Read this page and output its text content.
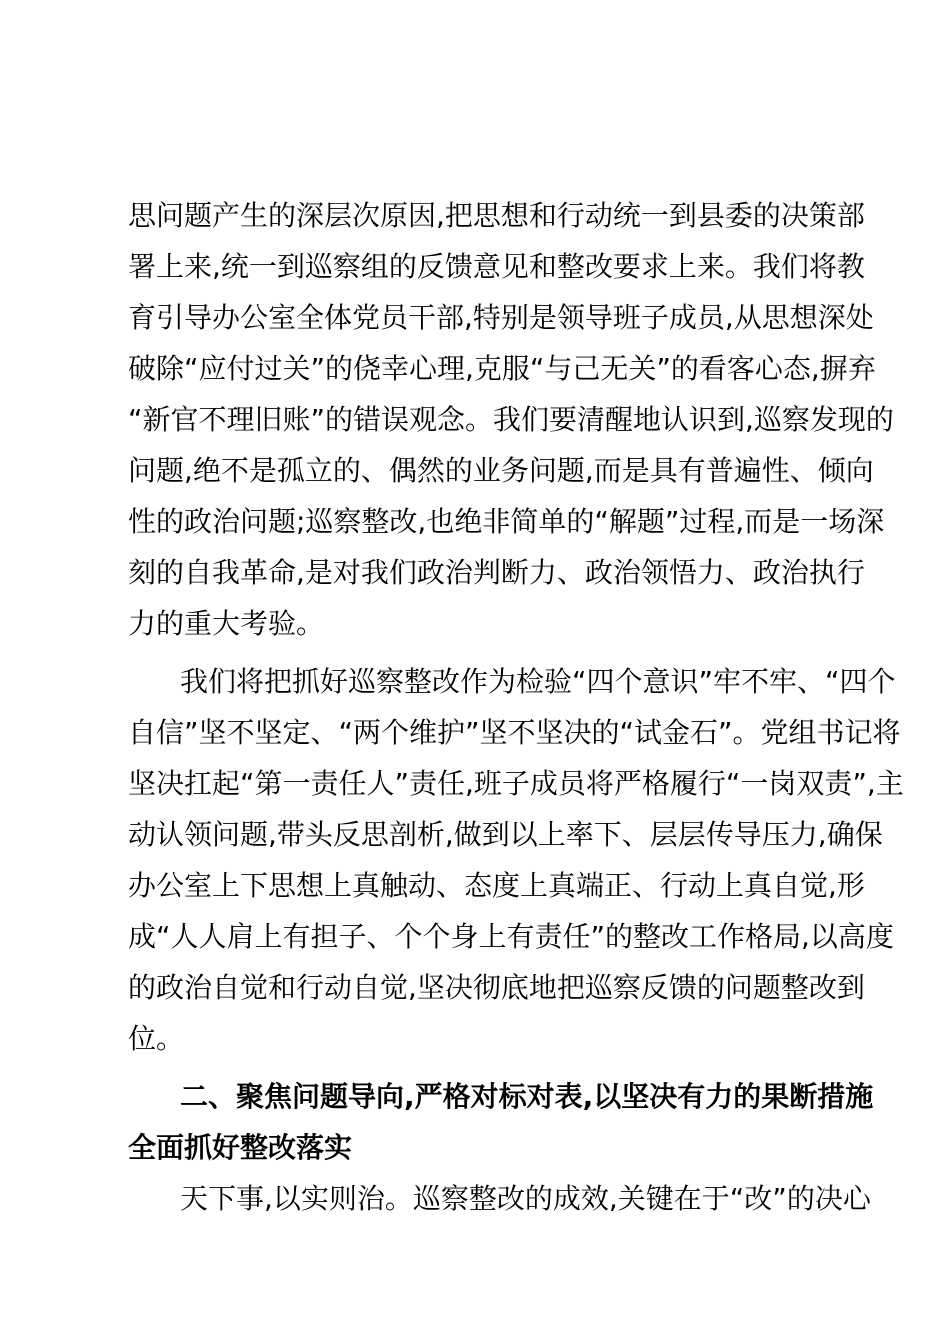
思问题产生的深层次原因,把思想和行动统一到县委的决策部
署上来,统一到巡察组的反馈意见和整改要求上来。我们将教
育引导办公室全体党员干部,特别是领导班子成员,从思想深处
破除“应付过关”的侥幸心理,克服“与己无关”的看客心态,摒弃
“新官不理旧账”的错误观念。我们要清醒地认识到,巡察发现的
问题,绝不是孤立的、偶然的业务问题,而是具有普遍性、倾向
性的政治问题;巡察整改,也绝非简单的“解题”过程,而是一场深
刻的自我革命,是对我们政治判断力、政治领悟力、政治执行
力的重大考验。
我们将把抓好巡察整改作为检验“四个意识”牢不牢、“四个
自信”坚不坚定、“两个维护”坚不坚决的“试金石”。党组书记将
坚决扛起“第一责任人”责任,班子成员将严格履行“一岗双责”,主
动认领问题,带头反思剖析,做到以上率下、层层传导压力,确保
办公室上下思想上真触动、态度上真端正、行动上真自觉,形
成“人人肩上有担子、个个身上有责任”的整改工作格局,以高度
的政治自觉和行动自觉,坚决彻底地把巡察反馈的问题整改到
位。
二、聚焦问题导向,严格对标对表,以坚决有力的果断措施
全面抓好整改落实
天下事,以实则治。巡察整改的成效,关键在于“改”的决心
